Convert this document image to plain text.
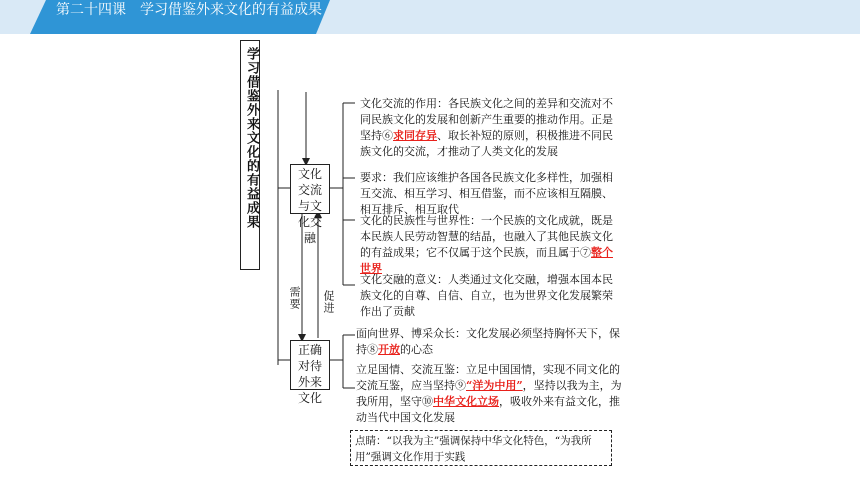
第二十四课　学习借鉴外来文化的有益成果
学习借鉴外来文化的有益成果	文化交流与文化交融
正确对待外来文化
需要 促进
文化交流的作用：各民族文化之间的差异和交流对不同民族文化的发展和创新产生重要的推动作用。正是坚持⑥求同存异、取长补短的原则，积极推进不同民族文化的交流，才推动了人类文化的发展
要求：我们应该维护各国各民族文化多样性，加强相互交流、相互学习、相互借鉴，而不应该相互隔膜、相互排斥、相互取代
文化的民族性与世界性：一个民族的文化成就，既是本民族人民劳动智慧的结晶，也融入了其他民族文化的有益成果；它不仅属于这个民族，而且属于⑦整个世界
文化交融的意义：人类通过文化交融，增强本国本民族文化的自尊、自信、自立，也为世界文化发展繁荣作出了贡献
面向世界、博采众长：文化发展必须坚持胸怀天下，保持⑧开放的心态
立足国情、交流互鉴：立足中国国情，实现不同文化的交流互鉴，应当坚持⑨“洋为中用”，坚持以我为主，为我所用，坚守⑩中华文化立场，吸收外来有益文化，推动当代中国文化发展
点睛：“以我为主”强调保持中华文化特色，“为我所用”强调文化作用于实践
